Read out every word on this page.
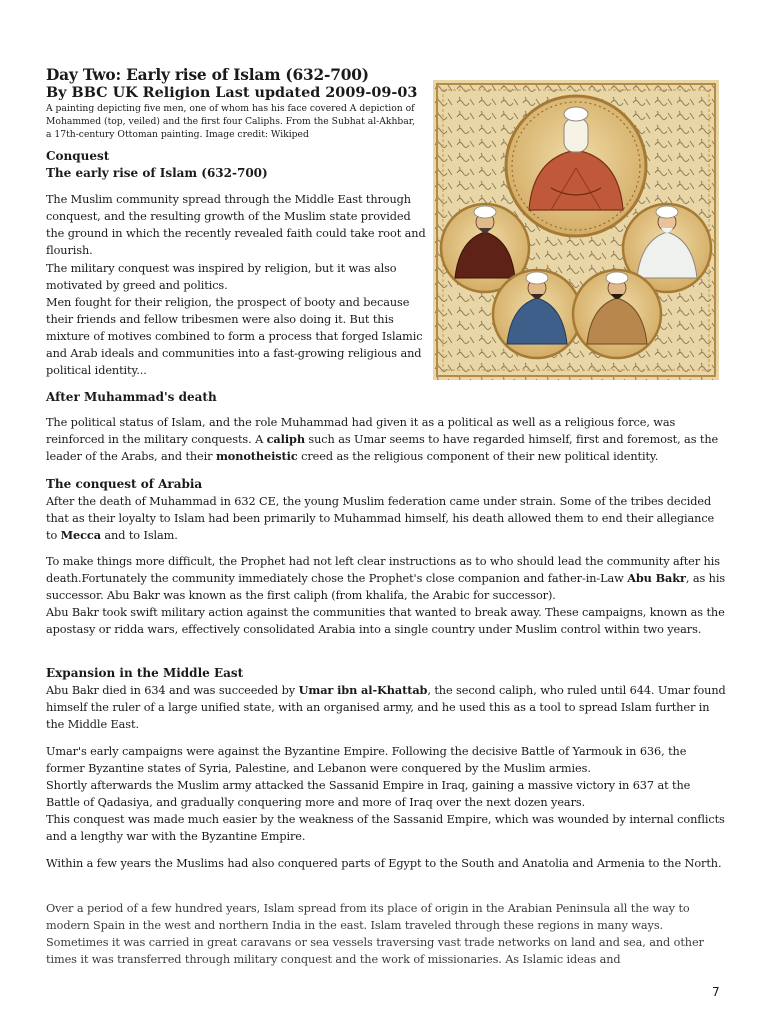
Day Two: Early rise of Islam (632-700)
By BBC UK Religion Last updated 2009-09-03
A painting depicting five men, one of whom has his face covered A depiction of Mohammed (top, veiled) and the first four Caliphs. From the Subhat al-Akhbar, a 17th-century Ottoman painting. Image credit: Wikiped
Conquest
The early rise of Islam (632-700)

The Muslim community spread through the Middle East through conquest, and the resulting growth of the Muslim state provided the ground in which the recently revealed faith could take root and flourish.

The military conquest was inspired by religion, but it was also motivated by greed and politics.

Men fought for their religion, the prospect of booty and because their friends and fellow tribesmen were also doing it. But this mixture of motives combined to form a process that forged Islamic and Arab ideals and communities into a fast-growing religious and political identity...

After Muhammad's death

The political status of Islam, and the role Muhammad had given it as a political as well as a religious force, was reinforced in the military conquests. A caliph such as Umar seems to have regarded himself, first and foremost, as the leader of the Arabs, and their monotheistic creed as the religious component of their new political identity.

The conquest of Arabia

After the death of Muhammad in 632 CE, the young Muslim federation came under strain. Some of the tribes decided that as their loyalty to Islam had been primarily to Muhammad himself, his death allowed them to end their allegiance to Mecca and to Islam.

To make things more difficult, the Prophet had not left clear instructions as to who should lead the community after his death.Fortunately the community immediately chose the Prophet's close companion and father-in-Law Abu Bakr, as his successor. Abu Bakr was known as the first caliph (from khalifa, the Arabic for successor).

Abu Bakr took swift military action against the communities that wanted to break away. These campaigns, known as the apostasy or ridda wars, effectively consolidated Arabia into a single country under Muslim control within two years.

Expansion in the Middle East

Abu Bakr died in 634 and was succeeded by Umar ibn al-Khattab, the second caliph, who ruled until 644. Umar found himself the ruler of a large unified state, with an organised army, and he used this as a tool to spread Islam further in the Middle East.

Umar's early campaigns were against the Byzantine Empire. Following the decisive Battle of Yarmouk in 636, the former Byzantine states of Syria, Palestine, and Lebanon were conquered by the Muslim armies.

Shortly afterwards the Muslim army attacked the Sassanid Empire in Iraq, gaining a massive victory in 637 at the Battle of Qadasiya, and gradually conquering more and more of Iraq over the next dozen years.

This conquest was made much easier by the weakness of the Sassanid Empire, which was wounded by internal conflicts and a lengthy war with the Byzantine Empire.

Within a few years the Muslims had also conquered parts of Egypt to the South and Anatolia and Armenia to the North.

Over a period of a few hundred years, Islam spread from its place of origin in the Arabian Peninsula all the way to modern Spain in the west and northern India in the east. Islam traveled through these regions in many ways. Sometimes it was carried in great caravans or sea vessels traversing vast trade networks on land and sea, and other times it was transferred through military conquest and the work of missionaries. As Islamic ideas and

7
